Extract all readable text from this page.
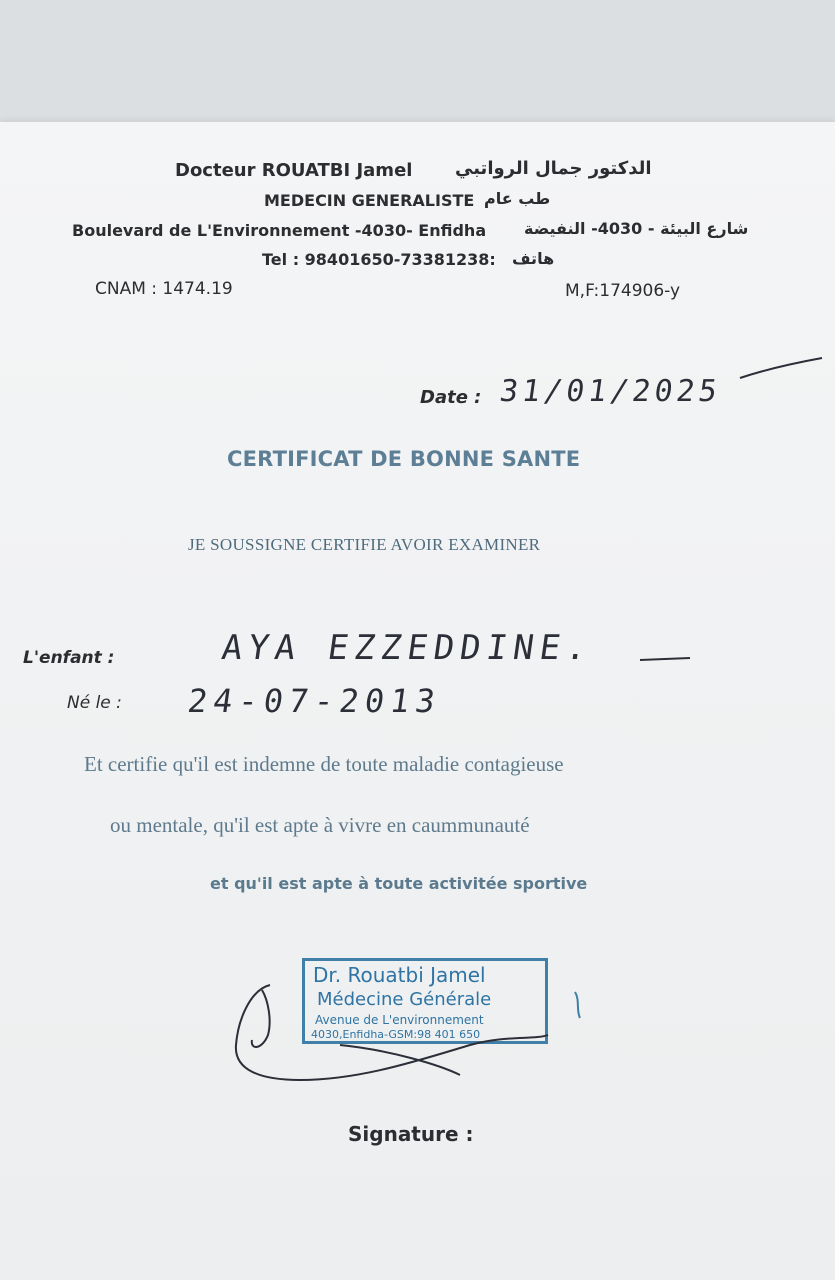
Docteur ROUATBI Jamel الدكتور جمال الرواتبي
MEDECIN GENERALISTE طب عام
Boulevard de L'Environnement -4030- Enfidha شارع البيئة - 4030- النفيضة
Tel : 98401650-73381238: هاتف
CNAM : 1474.19	M,F:174906-y
Date : 31/01/2025
CERTIFICAT DE BONNE SANTE
JE SOUSSIGNE CERTIFIE AVOIR EXAMINER
L'enfant :	AYA EZZEDDINE.
Né le : 24-07-2013
Et certifie qu'il est indemne de toute maladie contagieuse
ou mentale, qu'il est apte à vivre en caummunauté
et qu'il est apte à toute activitée sportive
Dr. Rouatbi Jamel
Médecine Générale
Avenue de L'environnement
4030,Enfidha-GSM:98 401 650
Signature :
